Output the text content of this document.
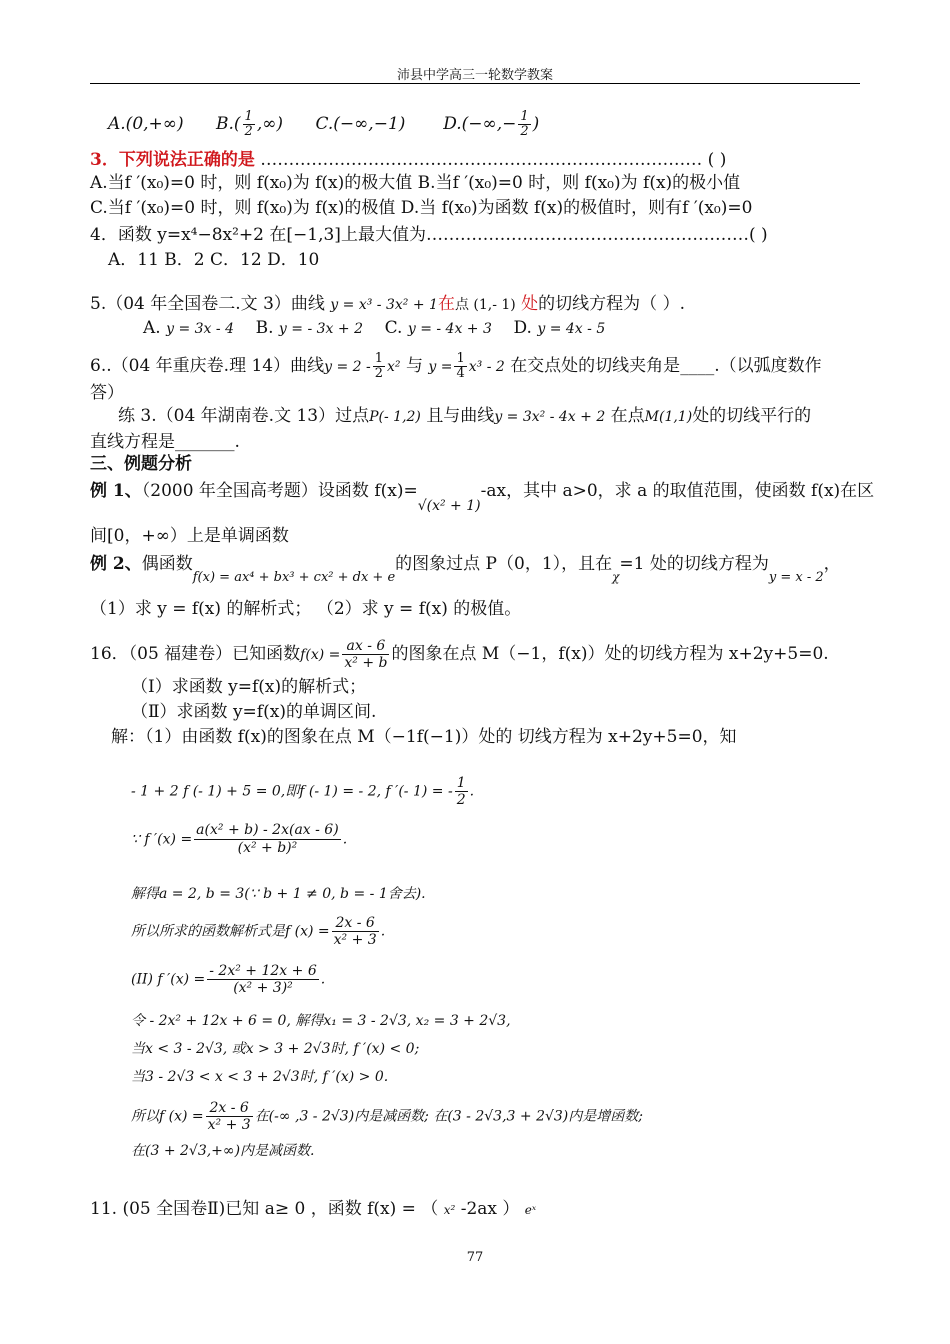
沛县中学高三一轮数学教案
A.(0,+∞) $B.( \frac{1}{2}$ ,∞) C.(−∞,−1) $D.(-\infty,- \frac{1}{2}$ )
3．下列说法正确的是 …………………………………………………………………… ( )
A.当f ′(x₀)=0 时，则 f(x₀)为 f(x)的极大值 B.当f ′(x₀)=0 时，则 f(x₀)为 f(x)的极小值
C.当f ′(x₀)=0 时，则 f(x₀)为 f(x)的极值 D.当 f(x₀)为函数 f(x)的极值时，则有f ′(x₀)=0
4．函数 y=x⁴−8x²+2 在[−1,3]上最大值为…………………………………………………( )
A．11 B．2 C．12 D．10
5.（04 年全国卷二.文 3）曲线 y = x³ - 3x² + 1在点 (1,- 1) 处的切线方程为（ ）.
A. y = 3x - 4 B. y = - 3x + 2 C. y = - 4x + 3 D. y = 4x - 5
6..（04 年重庆卷.理 14）曲线$y = 2 - \frac{1}{2} x^2$ 与 $y = \frac{1}{4} x^3 - 2$ 在交点处的切线夹角是____.（以弧度数作
答）
练 3.（04 年湖南卷.文 13）过点P(- 1,2) 且与曲线y = 3x² - 4x + 2 在点M(1,1)处的切线平行的
直线方程是_______.
三、例题分析
例 1、（2000 年全国高考题）设函数 f(x)=√(x² + 1)-ax，其中 a>0，求 a 的取值范围，使函数 f(x)在区
间[0，+∞）上是单调函数
例 2、偶函数f(x) = ax⁴ + bx³ + cx² + dx + e的图象过点 P（0，1），且在χ=1 处的切线方程为y = x - 2，
（1）求 y = f(x) 的解析式； （2）求 y = f(x) 的极值。
16．（05 福建卷）已知函数$f(x) = \frac{ax - 6}{\text{x² + b}}$ 的图象在点 M（−1，f(x)）处的切线方程为 x+2y+5=0.
（Ⅰ）求函数 y=f(x)的解析式；
（Ⅱ）求函数 y=f(x)的单调区间.
解：（1）由函数 f(x)的图象在点 M（−1f(−1)）处的 切线方程为 x+2y+5=0，知
- 1 + 2 f (- 1) + 5 = 0,即f (- 1) = - 2, f ′(- 1) = - $\frac{1}{2}$ .
∵ f $'(x) = \frac{\text{a(x² + b) - 2x(ax - 6)}}{\text{(x² + b)²}}$ .
解得a = 2, b = 3(∵ b + 1 ≠ 0, b = - 1舍去).
所以所求的函数解析式是f $(x) = \frac{2x - 6}{\text{x² + 3}}$ .
(II) f $'(x) = \frac{\text{- 2x² + 12x + 6}}{\text{(x² + 3)²}}$ .
令 - 2x² + 12x + 6 = 0, 解得x₁ = 3 - 2√3, x₂ = 3 + 2√3,
当x < 3 - 2√3, 或x > 3 + 2√3时, f ′(x) < 0;
当3 - 2√3 < x < 3 + 2√3时, f ′(x) > 0.
所以f $(x) = \frac{2x - 6}{\text{x² + 3}}$ 在(-∞ ,3 - 2√3)内是减函数; 在(3 - 2√3,3 + 2√3)内是增函数;
在(3 + 2√3,+∞)内是减函数.
11. (05 全国卷Ⅱ)已知 a≥ 0 ，函数 f(x) = （ x² -2ax ） eˣ
77
